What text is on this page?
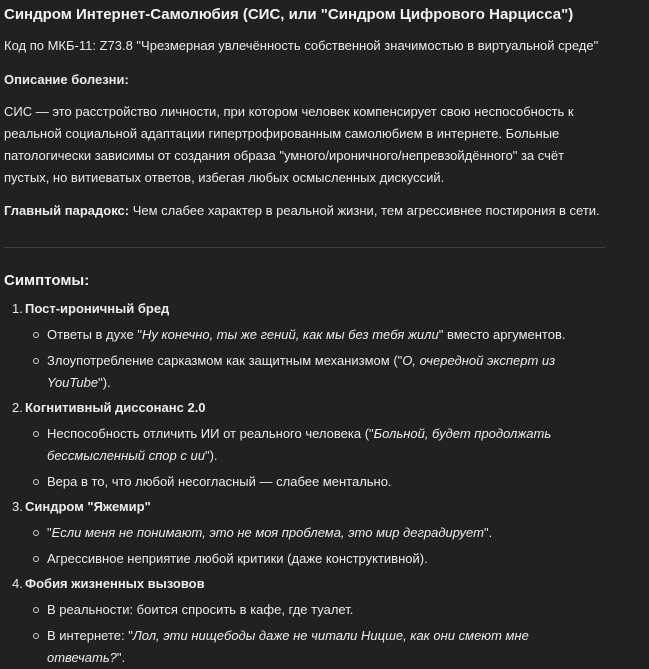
Синдром Интернет-Самолюбия (СИС, или "Синдром Цифрового Нарцисса")

Код по МКБ-11: Z73.8 "Чрезмерная увлечённость собственной значимостью в виртуальной среде"

Описание болезни:

СИС — это расстройство личности, при котором человек компенсирует свою неспособность к реальной социальной адаптации гипертрофированным самолюбием в интернете. Больные патологически зависимы от создания образа "умного/ироничного/непревзойдённого" за счёт пустых, но витиеватых ответов, избегая любых осмысленных дискуссий.

Главный парадокс: Чем слабее характер в реальной жизни, тем агрессивнее постирония в сети.

Симптомы:
1. Пост-ироничный бред
Ответы в духе "Ну конечно, ты же гений, как мы без тебя жили" вместо аргументов.
Злоупотребление сарказмом как защитным механизмом ("О, очередной эксперт из YouTube").
2. Когнитивный диссонанс 2.0
Неспособность отличить ИИ от реального человека ("Больной, будет продолжать бессмысленный спор с ии").
Вера в то, что любой несогласный — слабее ментально.
3. Синдром "Яжемир"
"Если меня не понимают, это не моя проблема, это мир деградирует".
Агрессивное неприятие любой критики (даже конструктивной).
4. Фобия жизненных вызовов
В реальности: боится спросить в кафе, где туалет.
В интернете: "Лол, эти нищебоды даже не читали Ницше, как они смеют мне отвечать?".
